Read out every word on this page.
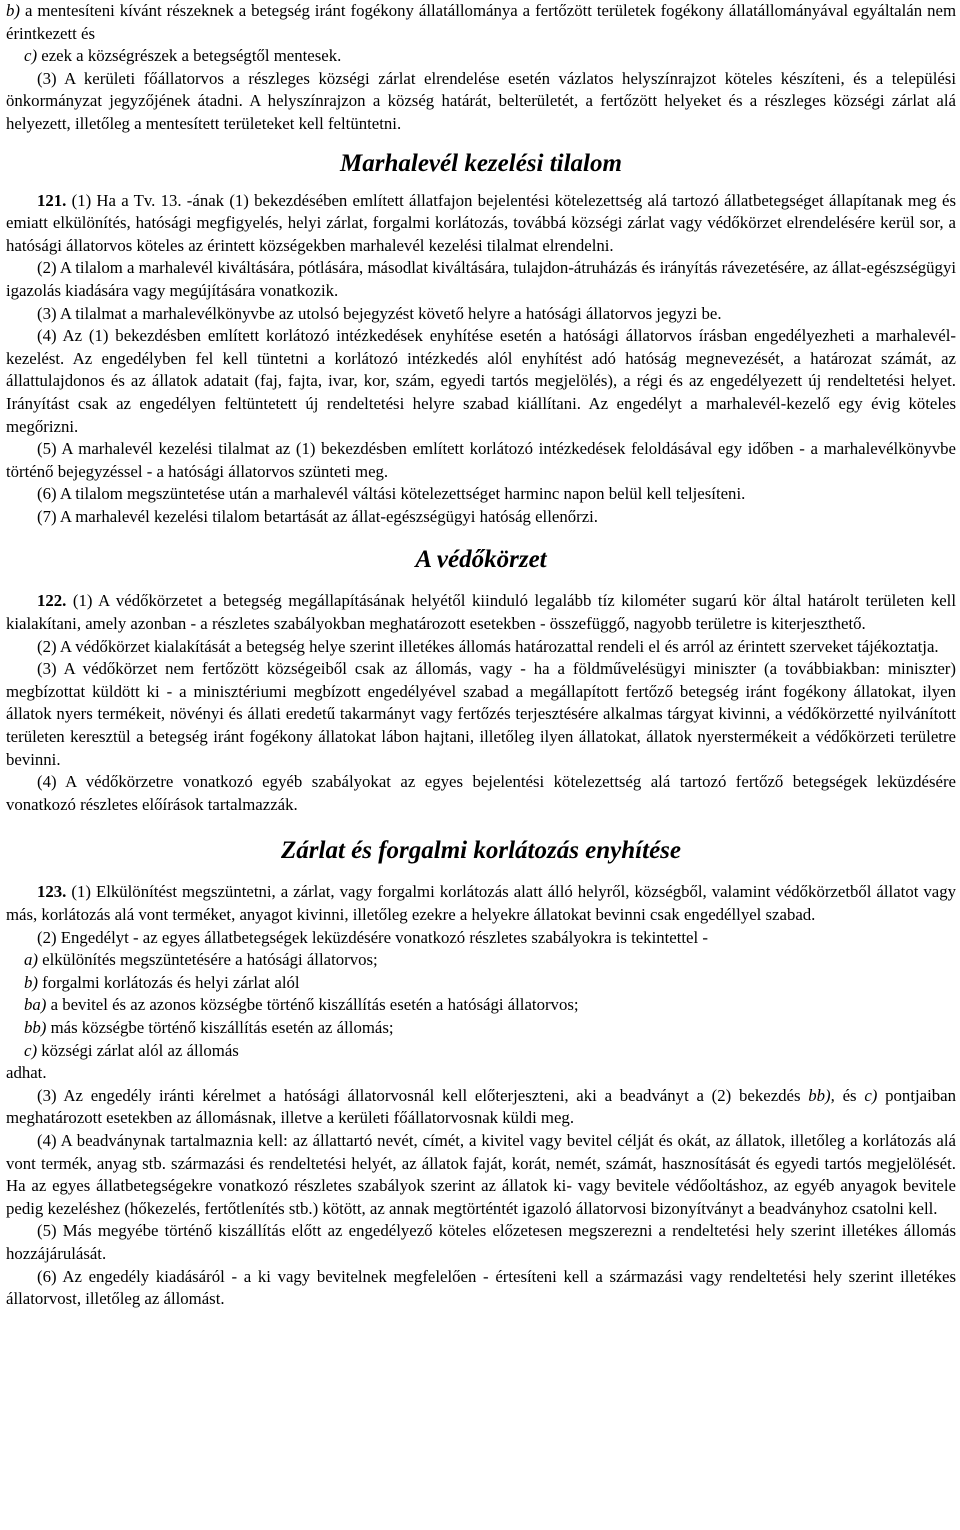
b) a mentesíteni kívánt részeknek a betegség iránt fogékony állatállománya a fertőzött területek fogékony állatállományával egyáltalán nem érintkezett és

c) ezek a községrészek a betegségtől mentesek.

(3) A kerületi főállatorvos a részleges községi zárlat elrendelése esetén vázlatos helyszínrajzot köteles készíteni, és a települési önkormányzat jegyzőjének átadni. A helyszínrajzon a község határát, belterületét, a fertőzött helyeket és a részleges községi zárlat alá helyezett, illetőleg a mentesített területeket kell feltüntetni.

Marhalevél kezelési tilalom

121. (1) Ha a Tv. 13. -ának (1) bekezdésében említett állatfajon bejelentési kötelezettség alá tartozó állatbetegséget állapítanak meg és emiatt elkülönítés, hatósági megfigyelés, helyi zárlat, forgalmi korlátozás, továbbá községi zárlat vagy védőkörzet elrendelésére kerül sor, a hatósági állatorvos köteles az érintett községekben marhalevél kezelési tilalmat elrendelni.

(2) A tilalom a marhalevél kiváltására, pótlására, másodlat kiváltására, tulajdon-átruházás és irányítás rávezetésére, az állat-egészségügyi igazolás kiadására vagy megújítására vonatkozik.

(3) A tilalmat a marhalevélkönyvbe az utolsó bejegyzést követő helyre a hatósági állatorvos jegyzi be.

(4) Az (1) bekezdésben említett korlátozó intézkedések enyhítése esetén a hatósági állatorvos írásban engedélyezheti a marhalevél-kezelést. Az engedélyben fel kell tüntetni a korlátozó intézkedés alól enyhítést adó hatóság megnevezését, a határozat számát, az állattulajdonos és az állatok adatait (faj, fajta, ivar, kor, szám, egyedi tartós megjelölés), a régi és az engedélyezett új rendeltetési helyet. Irányítást csak az engedélyen feltüntetett új rendeltetési helyre szabad kiállítani. Az engedélyt a marhalevél-kezelő egy évig köteles megőrizni.

(5) A marhalevél kezelési tilalmat az (1) bekezdésben említett korlátozó intézkedések feloldásával egy időben - a marhalevélkönyvbe történő bejegyzéssel - a hatósági állatorvos szünteti meg.

(6) A tilalom megszüntetése után a marhalevél váltási kötelezettséget harminc napon belül kell teljesíteni.

(7) A marhalevél kezelési tilalom betartását az állat-egészségügyi hatóság ellenőrzi.

A védőkörzet

122. (1) A védőkörzetet a betegség megállapításának helyétől kiinduló legalább tíz kilométer sugarú kör által határolt területen kell kialakítani, amely azonban - a részletes szabályokban meghatározott esetekben - összefüggő, nagyobb területre is kiterjeszthető.

(2) A védőkörzet kialakítását a betegség helye szerint illetékes állomás határozattal rendeli el és arról az érintett szerveket tájékoztatja.

(3) A védőkörzet nem fertőzött községeiből csak az állomás, vagy - ha a földművelésügyi miniszter (a továbbiakban: miniszter) megbízottat küldött ki - a minisztériumi megbízott engedélyével szabad a megállapított fertőző betegség iránt fogékony állatokat, ilyen állatok nyers termékeit, növényi és állati eredetű takarmányt vagy fertőzés terjesztésére alkalmas tárgyat kivinni, a védőkörzetté nyilvánított területen keresztül a betegség iránt fogékony állatokat lábon hajtani, illetőleg ilyen állatokat, állatok nyerstermékeit a védőkörzeti területre bevinni.

(4) A védőkörzetre vonatkozó egyéb szabályokat az egyes bejelentési kötelezettség alá tartozó fertőző betegségek leküzdésére vonatkozó részletes előírások tartalmazzák.

Zárlat és forgalmi korlátozás enyhítése

123. (1) Elkülönítést megszüntetni, a zárlat, vagy forgalmi korlátozás alatt álló helyről, községből, valamint védőkörzetből állatot vagy más, korlátozás alá vont terméket, anyagot kivinni, illetőleg ezekre a helyekre állatokat bevinni csak engedéllyel szabad.

(2) Engedélyt - az egyes állatbetegségek leküzdésére vonatkozó részletes szabályokra is tekintettel -

a) elkülönítés megszüntetésére a hatósági állatorvos;

b) forgalmi korlátozás és helyi zárlat alól

ba) a bevitel és az azonos községbe történő kiszállítás esetén a hatósági állatorvos;

bb) más községbe történő kiszállítás esetén az állomás;

c) községi zárlat alól az állomás

adhat.

(3) Az engedély iránti kérelmet a hatósági állatorvosnál kell előterjeszteni, aki a beadványt a (2) bekezdés bb), és c) pontjaiban meghatározott esetekben az állomásnak, illetve a kerületi főállatorvosnak küldi meg.

(4) A beadványnak tartalmaznia kell: az állattartó nevét, címét, a kivitel vagy bevitel célját és okát, az állatok, illetőleg a korlátozás alá vont termék, anyag stb. származási és rendeltetési helyét, az állatok faját, korát, nemét, számát, hasznosítását és egyedi tartós megjelölését. Ha az egyes állatbetegségekre vonatkozó részletes szabályok szerint az állatok ki- vagy bevitele védőoltáshoz, az egyéb anyagok bevitele pedig kezeléshez (hőkezelés, fertőtlenítés stb.) kötött, az annak megtörténtét igazoló állatorvosi bizonyítványt a beadványhoz csatolni kell.

(5) Más megyébe történő kiszállítás előtt az engedélyező köteles előzetesen megszerezni a rendeltetési hely szerint illetékes állomás hozzájárulását.

(6) Az engedély kiadásáról - a ki vagy bevitelnek megfelelően - értesíteni kell a származási vagy rendeltetési hely szerint illetékes állatorvost, illetőleg az állomást.
